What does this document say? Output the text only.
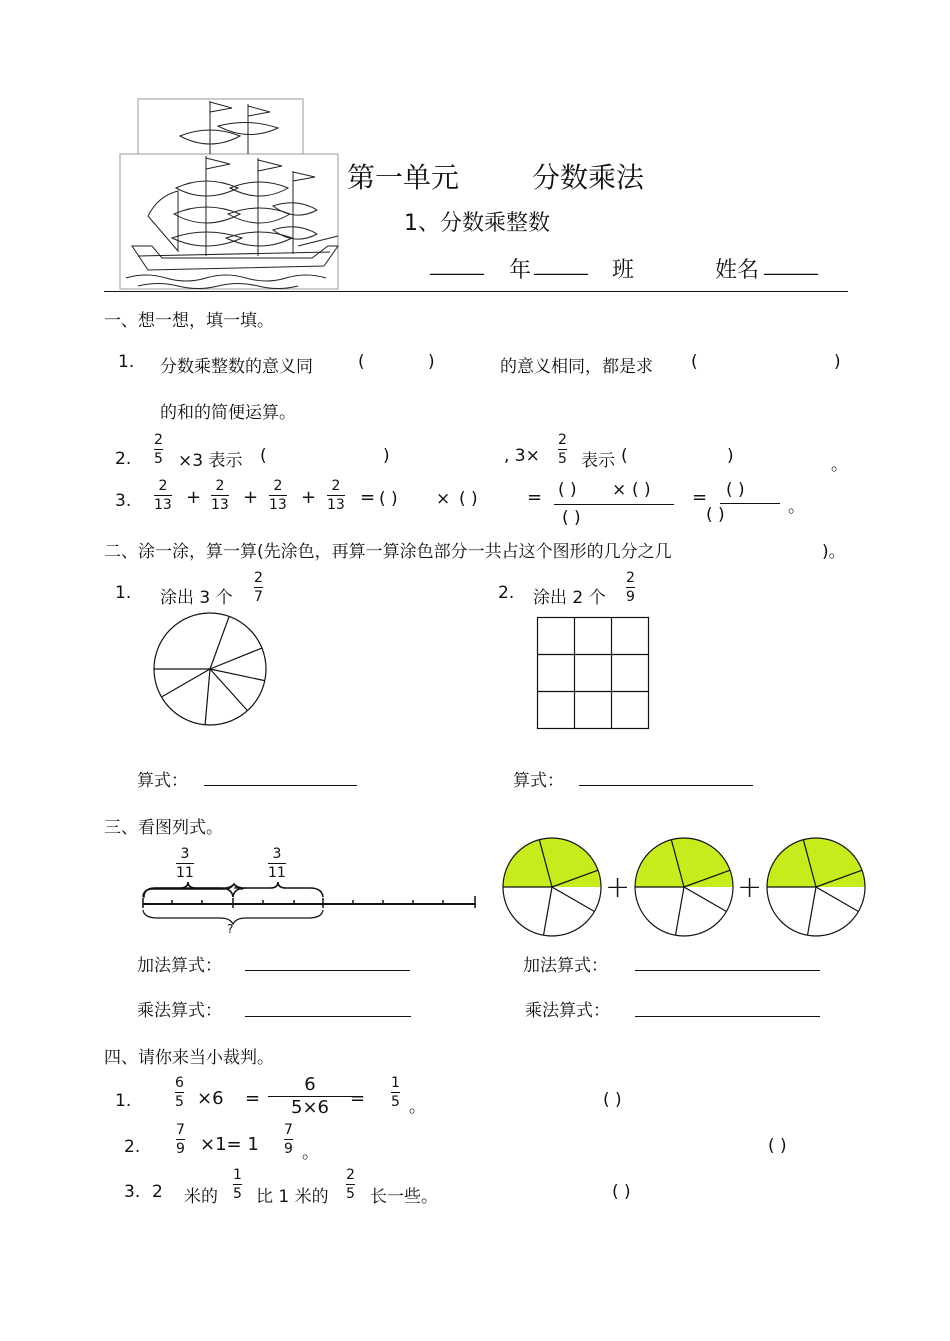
第一单元	分数乘法
1、分数乘整数
______ 年 ______ 班	姓名 ______
一、想一想，填一填。
1. 分数乘整数的意义同	(	)	的意义相同，都是求 (	)
的和的简便运算。
2.
2
5 ×3 表示 (	)	, 3×
2
5 表示 (	)	。
3.
2
13 +
2
13 +
2
13 +
2
13 = ( ) × ( )	= ( ) × ( )
( )
= ( )
( )	。
二、涂一涂，算一算(先涂色，再算一算涂色部分一共占这个图形的几分之几	)。
1. 涂出 3 个
2
7	2. 涂出 2 个
2
9
算式：	算式：
三、看图列式。
3
11
3
11
?
+	+
加法算式：	加法算式：
乘法算式：	乘法算式：
四、请你来当小裁判。
1.
6
5 ×6 =
6
5×6 =
1
5 。	( )
2.
7
9 ×1= 1
7
9 。	( )
3. 2 米的
1
5 比 1 米的
2
5 长一些。	( )
